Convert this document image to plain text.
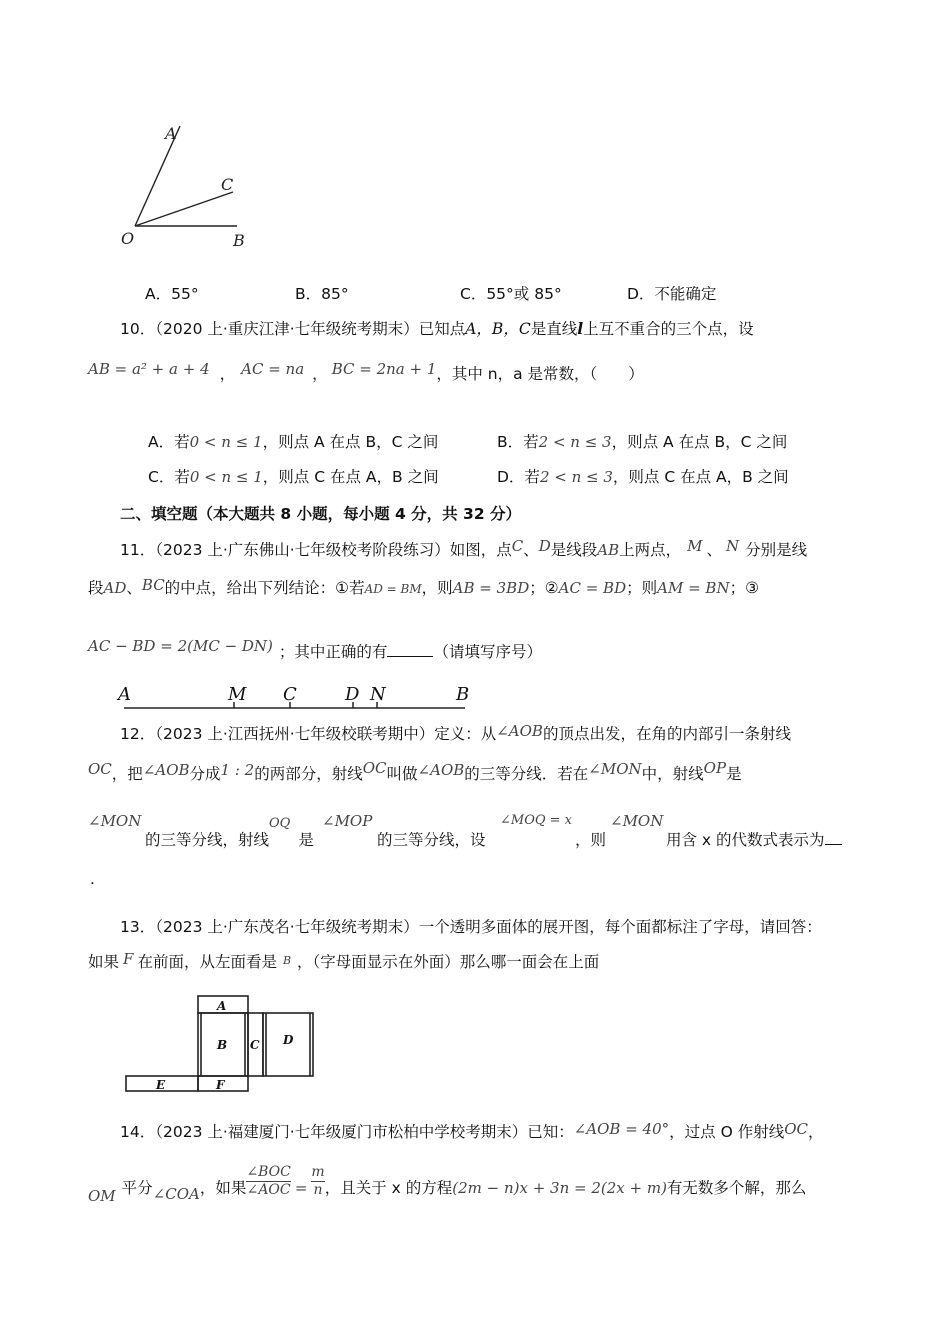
A
C
O	B
A．55°	B．85°	C．55°或 85°	D．不能确定
10．（2020 上·重庆江津·七年级统考期末）已知点A，B，C是直线l上互不重合的三个点，设
AB = a² + a + 4 ， AC = na ， BC = 2na + 1，其中 n，a 是常数，（　　）
A．若0 < n ≤ 1，则点 A 在点 B，C 之间	B．若2 < n ≤ 3，则点 A 在点 B，C 之间
C．若0 < n ≤ 1，则点 C 在点 A，B 之间	D．若2 < n ≤ 3，则点 C 在点 A，B 之间
二、填空题（本大题共 8 小题，每小题 4 分，共 32 分）
11．（2023 上·广东佛山·七年级校考阶段练习）如图，点C、D是线段AB上两点， M 、 N 分别是线
段AD、BC的中点，给出下列结论：①若AD = BM，则AB = 3BD；②AC = BD；则AM = BN；③
AC − BD = 2(MC − DN) ；其中正确的有	（请填写序号）
A	M C	D N	B
12．（2023 上·江西抚州·七年级校联考期中）定义：从∠AOB的顶点出发，在角的内部引一条射线
OC，把∠AOB分成1 : 2的两部分，射线OC叫做∠AOB的三等分线．若在∠MON中，射线OP是
∠MON
的三等分线，射线$^{OQ}$是
∠MOP
的三等分线，设
∠MOQ = x
，则
∠MON
用含 x 的代数式表示为
.
13．（2023 上·广东茂名·七年级统考期末）一个透明多面体的展开图，每个面都标注了字母，请回答：
如果 F 在前面，从左面看是 B ，（字母面显示在外面）那么哪一面会在上面
A
B C D
E	F
14．（2023 上·福建厦门·七年级厦门市松柏中学校考期末）已知：∠AOB = 40°，过点 O 作射线OC，
OM 平分∠COA，如果 $\frac{\text{∠BOC}}{\text{∠AOC}} = \frac{m}{n}$ ，且关于 x 的方程(2m − n)x + 3n = 2(2x + m)有无数多个解，那么
